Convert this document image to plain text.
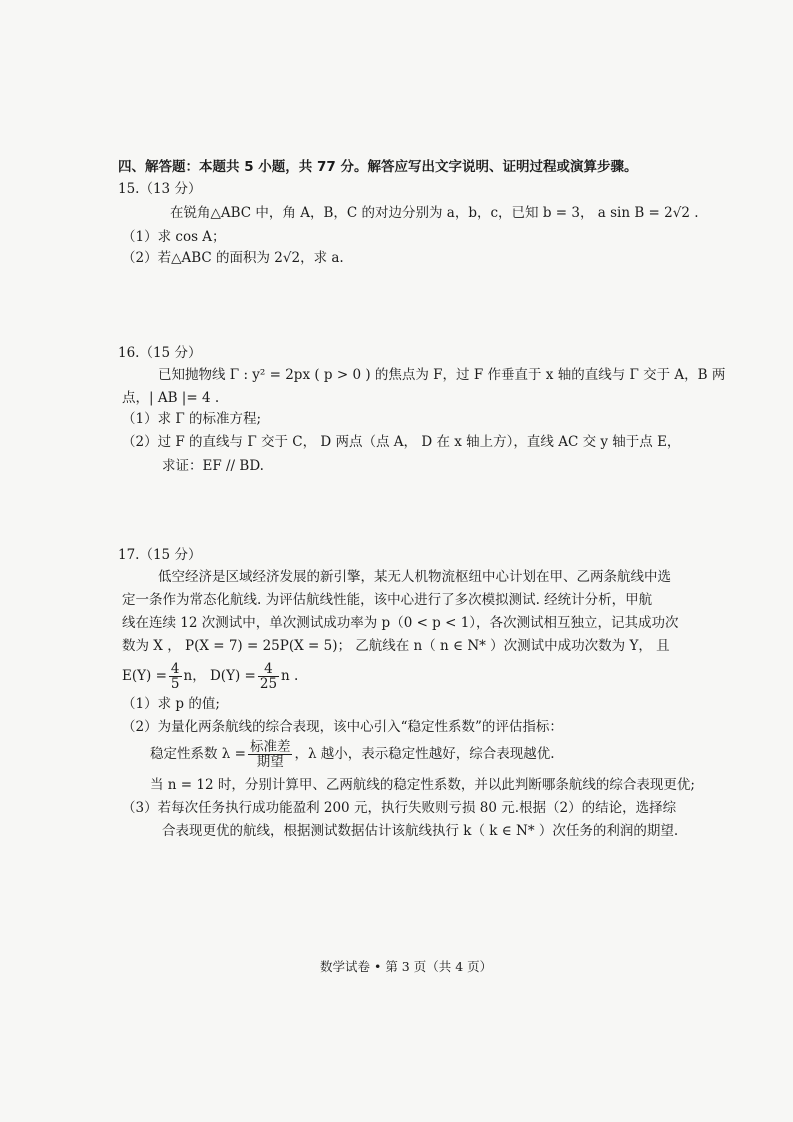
四、解答题：本题共 5 小题，共 77 分。解答应写出文字说明、证明过程或演算步骤。
15.（13 分）
在锐角△ABC 中，角 A，B，C 的对边分别为 a，b，c，已知 b = 3， a sin B = 2√2 .
（1）求 cos A；
（2）若△ABC 的面积为 2√2，求 a.
16.（15 分）
已知抛物线 Γ : y² = 2px ( p > 0 ) 的焦点为 F，过 F 作垂直于 x 轴的直线与 Γ 交于 A，B 两
点，| AB |= 4 .
（1）求 Γ 的标准方程;
（2）过 F 的直线与 Γ 交于 C， D 两点（点 A， D 在 x 轴上方），直线 AC 交 y 轴于点 E，
求证：EF // BD.
17.（15 分）
低空经济是区域经济发展的新引擎，某无人机物流枢纽中心计划在甲、乙两条航线中选
定一条作为常态化航线. 为评估航线性能，该中心进行了多次模拟测试. 经统计分析，甲航
线在连续 12 次测试中，单次测试成功率为 p（0 < p < 1），各次测试相互独立，记其成功次
数为 X ， P(X = 7) = 25P(X = 5)； 乙航线在 n（ n ∈ N* ）次测试中成功次数为 Y， 且
$E(Y) = \frac{4}{5}$ n， $D(Y) = \frac{4}{25}$ n .
（1）求 p 的值;
（2）为量化两条航线的综合表现，该中心引入“稳定性系数”的评估指标：
稳定性系数 $\lambda = \frac{\text{标准差}}{\text{期望}}$ ，λ 越小，表示稳定性越好，综合表现越优.
当 n = 12 时，分别计算甲、乙两航线的稳定性系数，并以此判断哪条航线的综合表现更优;
（3）若每次任务执行成功能盈利 200 元，执行失败则亏损 80 元.根据（2）的结论，选择综
合表现更优的航线，根据测试数据估计该航线执行 k（ k ∈ N* ）次任务的利润的期望.
数学试卷 • 第 3 页（共 4 页）
